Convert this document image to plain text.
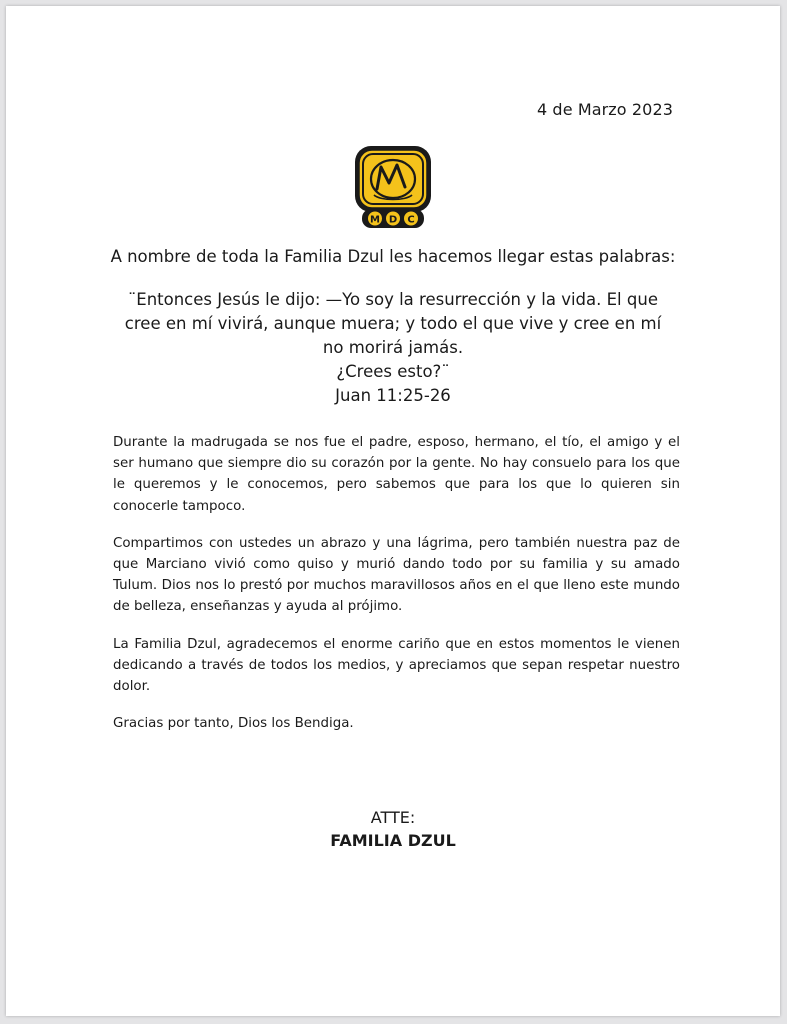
4 de Marzo 2023
M D C
A nombre de toda la Familia Dzul les hacemos llegar estas palabras:
¨Entonces Jesús le dijo: —Yo soy la resurrección y la vida. El que
cree en mí vivirá, aunque muera; y todo el que vive y cree en mí
no morirá jamás.
¿Crees esto?¨
Juan 11:25-26

Durante la madrugada se nos fue el padre, esposo, hermano, el tío, el amigo y el ser humano que siempre dio su corazón por la gente. No hay consuelo para los que le queremos y le conocemos, pero sabemos que para los que lo quieren sin conocerle tampoco.

Compartimos con ustedes un abrazo y una lágrima, pero también nuestra paz de que Marciano vivió como quiso y murió dando todo por su familia y su amado Tulum. Dios nos lo prestó por muchos maravillosos años en el que lleno este mundo de belleza, enseñanzas y ayuda al prójimo.

La Familia Dzul, agradecemos el enorme cariño que en estos momentos le vienen dedicando a través de todos los medios, y apreciamos que sepan respetar nuestro dolor.

Gracias por tanto, Dios los Bendiga.

ATTE:
FAMILIA DZUL
